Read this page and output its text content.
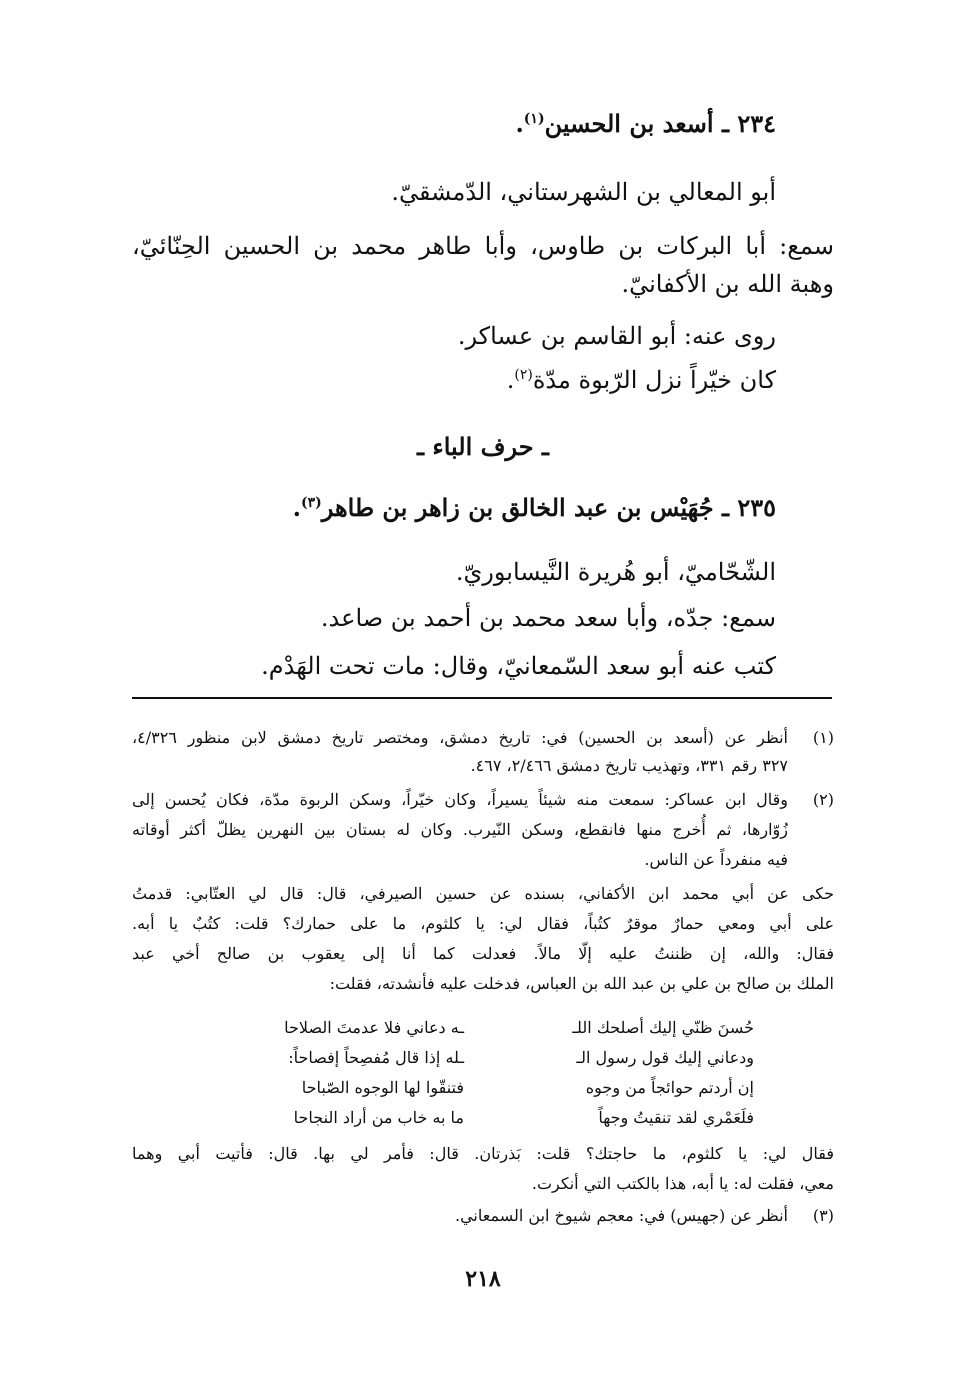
٢٣٤ ـ أسعد بن الحسين$^{(١)}$.
أبو المعالي بن الشهرستاني، الدّمشقيّ.
سمع: أبا البركات بن طاوس، وأبا طاهر محمد بن الحسين الحِنّائيّ،
وهبة الله بن الأكفانيّ.
روى عنه: أبو القاسم بن عساكر.
كان خيّراً نزل الرّبوة مدّة$^{(٢)}$.
ـ حرف الباء ـ
٢٣٥ ـ جُهَيْس بن عبد الخالق بن زاهر بن طاهر$^{(٣)}$.
الشّحّاميّ، أبو هُريرة النَّيسابوريّ.
سمع: جدّه، وأبا سعد محمد بن أحمد بن صاعد.
كتب عنه أبو سعد السّمعانيّ، وقال: مات تحت الهَدْم.
(١)
أنظر عن (أسعد بن الحسين) في: تاريخ دمشق، ومختصر تاريخ دمشق لابن منظور ٤/٣٢٦،
٣٢٧ رقم ٣٣١، وتهذيب تاريخ دمشق ٢/٤٦٦، ٤٦٧.
(٢)
وقال ابن عساكر: سمعت منه شيئاً يسيراً، وكان خيّراً، وسكن الربوة مدّة، فكان يُحسن إلى
زُوّارها، ثم أُخرج منها فانقطع، وسكن النّيرب. وكان له بستان بين النهرين يظلّ أكثر أوقاته
فيه منفرداً عن الناس.
حكى عن أبي محمد ابن الأكفاني، بسنده عن حسين الصيرفي، قال: قال لي العتّابي: قدمتُ
على أبي ومعي حمارٌ موقرٌ كتُباً، فقال لي: يا كلثوم، ما على حمارك؟ قلت: كتُبٌ يا أبه.
فقال: والله، إن ظننتُ عليه إلّا مالاً. فعدلت كما أنا إلى يعقوب بن صالح أخي عبد
الملك بن صالح بن علي بن عبد الله بن العباس، فدخلت عليه فأنشدته، فقلت:
حُسنَ ظنّي إليك أصلحك اللـ
ـه دعاني فلا عدمتَ الصلاحا
ودعاني إليك قول رسول الـ
ـله إذا قال مُفصِحاً إفصاحاً:
إن أردتم حوائجاً من وجوه
فتنقّوا لها الوجوه الصّباحا
فلَعَمْري لقد تنقيتُ وجهاً
ما به خاب من أراد النجاحا
فقال لي: يا كلثوم، ما حاجتك؟ قلت: بَذرتان. قال: فأمر لي بها. قال: فأتيت أبي وهما
معي، فقلت له: يا أبه، هذا بالكتب التي أنكرت.
(٣)
أنظر عن (جهيس) في: معجم شيوخ ابن السمعاني.
٢١٨
